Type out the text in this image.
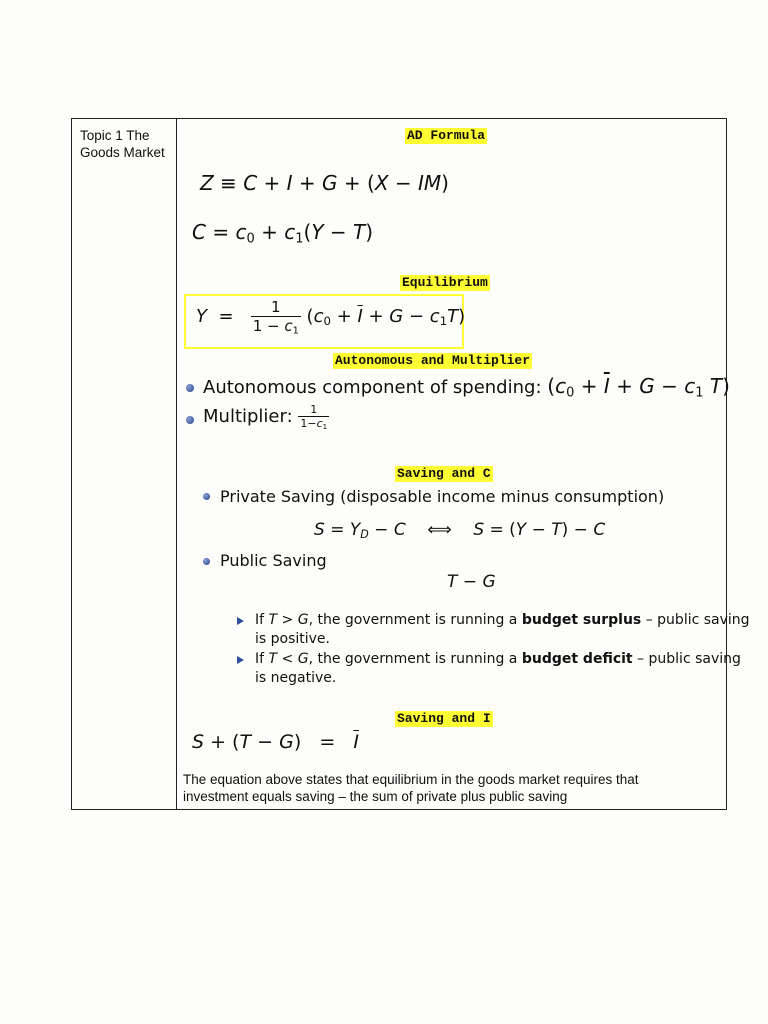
Topic 1 The
Goods Market
AD Formula
Z ≡ C + I + G + (X − IM)
$C = c_0 + c_1(Y - T)$
Equilibrium
$Y = \frac{1}{1 - c_1} (c_0 + \overline{I} + G - c_1T)$
Autonomous and Multiplier
Autonomous component of spending: ($c_0 + \overline{I} + G - c_1$ T)
Multiplier: $\frac{1}{1-c_1}$
Saving and C
Private Saving (disposable income minus consumption)
$S = Y_D - C$    ⟺    S = (Y − T) − C
Public Saving
T − G
If T > G, the government is running a budget surplus – public saving
is positive.
If T < G, the government is running a budget deficit – public saving
is negative.
Saving and I
$S + (T - G) = \overline{I}$
The equation above states that equilibrium in the goods market requires that
investment equals saving – the sum of private plus public saving
